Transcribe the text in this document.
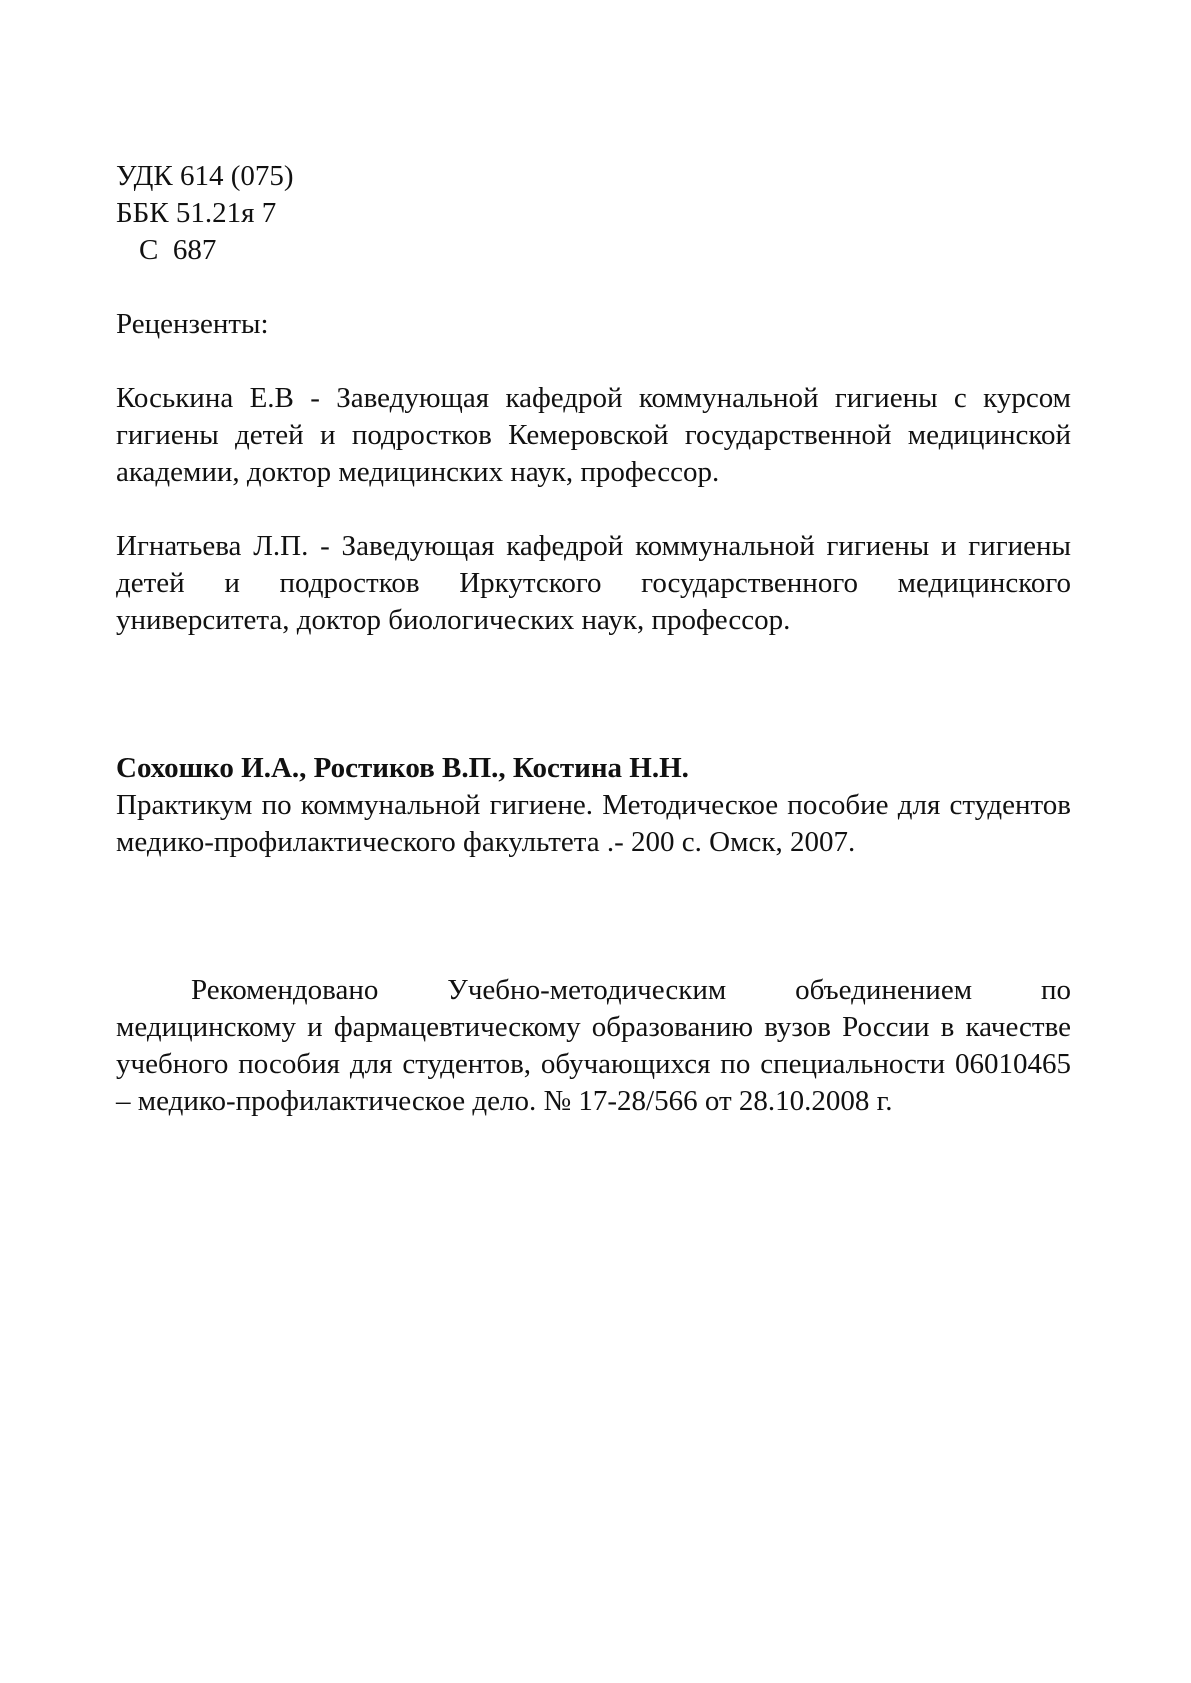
УДК 614 (075)
ББК 51.21я 7
С  687
Рецензенты:
Коськина Е.В - Заведующая кафедрой коммунальной гигиены с курсом гигиены детей и подростков Кемеровской государственной медицинской академии, доктор медицинских наук, профессор.
Игнатьева Л.П. - Заведующая кафедрой коммунальной гигиены и гигиены детей и подростков Иркутского государственного медицинского университета, доктор биологических наук, профессор.
Сохошко И.А., Ростиков В.П., Костина Н.Н.
Практикум по коммунальной гигиене. Методическое пособие для студентов медико-профилактического факультета .- 200 с. Омск, 2007.
Рекомендовано Учебно-методическим объединением по медицинскому и фармацевтическому образованию вузов России в качестве учебного пособия для студентов, обучающихся по специальности 06010465 – медико-профилактическое дело. № 17-28/566 от 28.10.2008 г.
